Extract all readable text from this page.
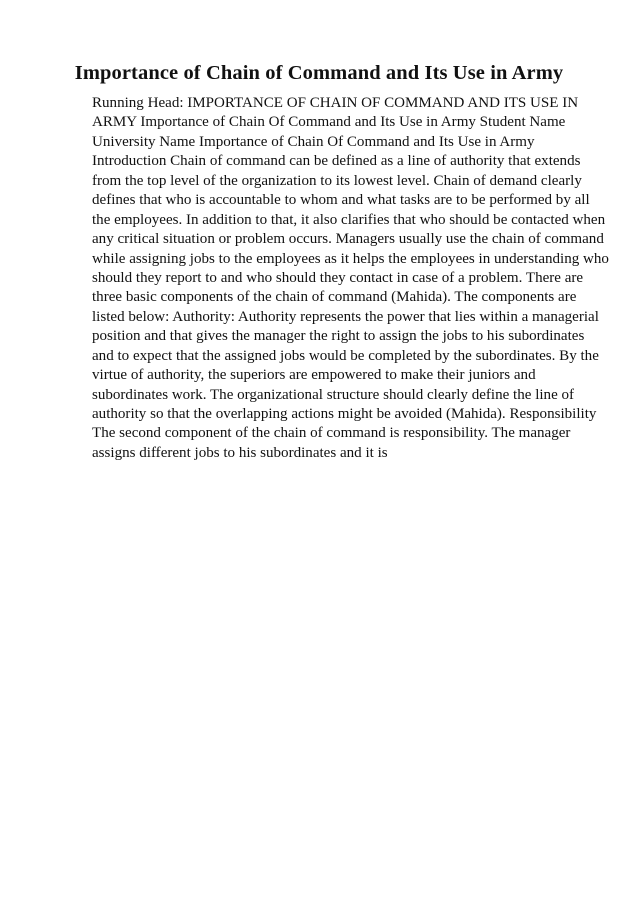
Importance of Chain of Command and Its Use in Army
Running Head: IMPORTANCE OF CHAIN OF COMMAND AND ITS USE IN
ARMY Importance of Chain Of Command and Its Use in Army Student Name
University Name Importance of Chain Of Command and Its Use in Army
Introduction Chain of command can be defined as a line of authority that extends
from the top level of the organization to its lowest level. Chain of demand clearly
defines that who is accountable to whom and what tasks are to be performed by all
the employees. In addition to that, it also clarifies that who should be contacted when
any critical situation or problem occurs. Managers usually use the chain of command
while assigning jobs to the employees as it helps the employees in understanding who
should they report to and who should they contact in case of a problem. There are
three basic components of the chain of command (Mahida). The components are
listed below: Authority: Authority represents the power that lies within a managerial
position and that gives the manager the right to assign the jobs to his subordinates
and to expect that the assigned jobs would be completed by the subordinates. By the
virtue of authority, the superiors are empowered to make their juniors and
subordinates work. The organizational structure should clearly define the line of
authority so that the overlapping actions might be avoided (Mahida). Responsibility
The second component of the chain of command is responsibility. The manager
assigns different jobs to his subordinates and it is
